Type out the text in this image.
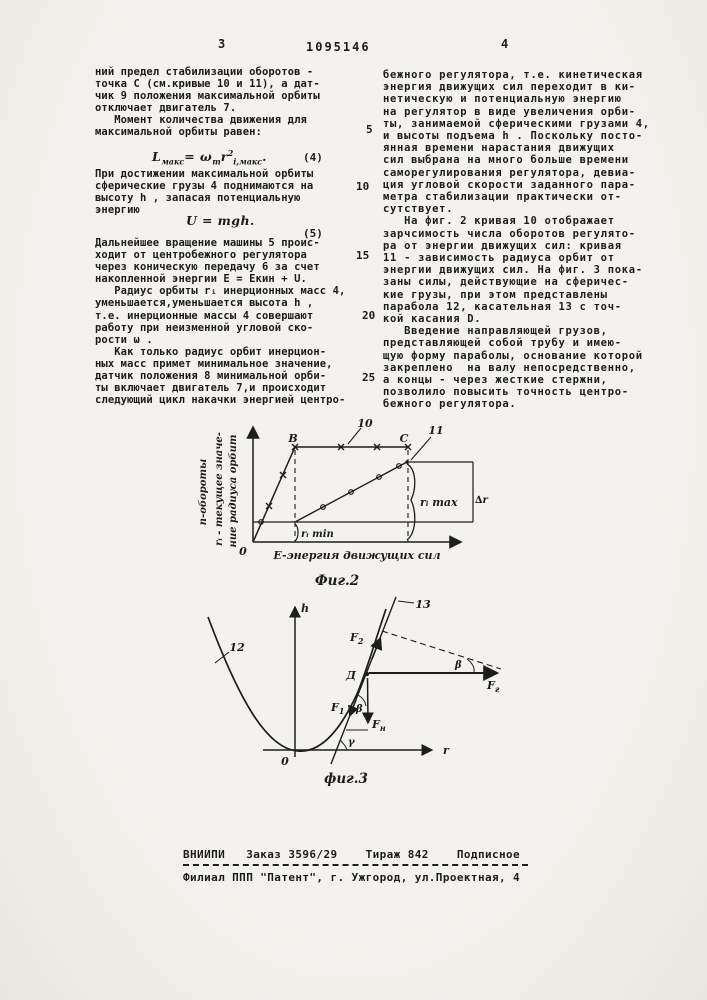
3	1095146	4
ний предел стабилизации оборотов -
точка C (см.кривые 10 и 11), а дат-
чик 9 положения максимальной орбиты
отключает двигатель 7.
Момент количества движения для
максимальной орбиты равен:
$L_{макс}= \omega_mr^2_{i,макс}$.	(4)
При достижении максимальной орбиты
сферические грузы 4 поднимаются на
высоту h , запасая потенциальную
энергию
U = mgh.
(5)
Дальнейшее вращение машины 5 проис-
ходит от центробежного регулятора
через коническую передачу 6 за счет
накопленной энергии E = Eкин + U.
Радиус орбиты rᵢ инерционных масс 4,
уменьшается,уменьшается высота h ,
т.е. инерционные массы 4 совершают
работу при неизменной угловой ско-
рости ω .
Как только радиус орбит инерцион-
ных масс примет минимальное значение,
датчик положения 8 минимальной орби-
ты включает двигатель 7,и происходит
следующий цикл накачки энергией центро-
бежного регулятора, т.е. кинетическая
энергия движущих сил переходит в ки-
нетическую и потенциальную энергию
на регулятор в виде увеличения орби-
ты, занимаемой сферическими грузами 4,
и высоты подъема h . Поскольку посто-
янная времени нарастания движущих
сил выбрана на много больше времени
саморегулирования регулятора, девиа-
ция угловой скорости заданного пара-
метра стабилизации практически от-
сутствует.
На фиг. 2 кривая 10 отображает
зарчсимость числа оборотов регулято-
ра от энергии движущих сил: кривая
11 - зависимость радиуса орбит от
энергии движущих сил. На фиг. 3 пока-
заны силы, действующие на сферичес-
кие грузы, при этом представлены
парабола 12, касательная 13 с точ-
кой касания D.
Введение направляющей грузов,
представляющей собой трубу и имею-
щую форму параболы, основание которой
закреплено  на валу непосредственно,
а концы - через жесткие стержни,
позволило повысить точность центро-
бежного регулятора.
5
10
15
20
25
B	C
10
11
0
rᵢ max
rᵢ min
∆r
n-обороты rᵢ - текущее значе- ние радиуса орбит
E-энергия движущих сил
Фиг.2
h
r
0
12
13
Д
$F_2$
$F_1$
$F_н$
$F_г$
β
β
γ
фиг.3
ВНИИПИ   Заказ 3596/29    Тираж 842    Подписное
Филиал ППП "Патент", г. Ужгород, ул.Проектная, 4
